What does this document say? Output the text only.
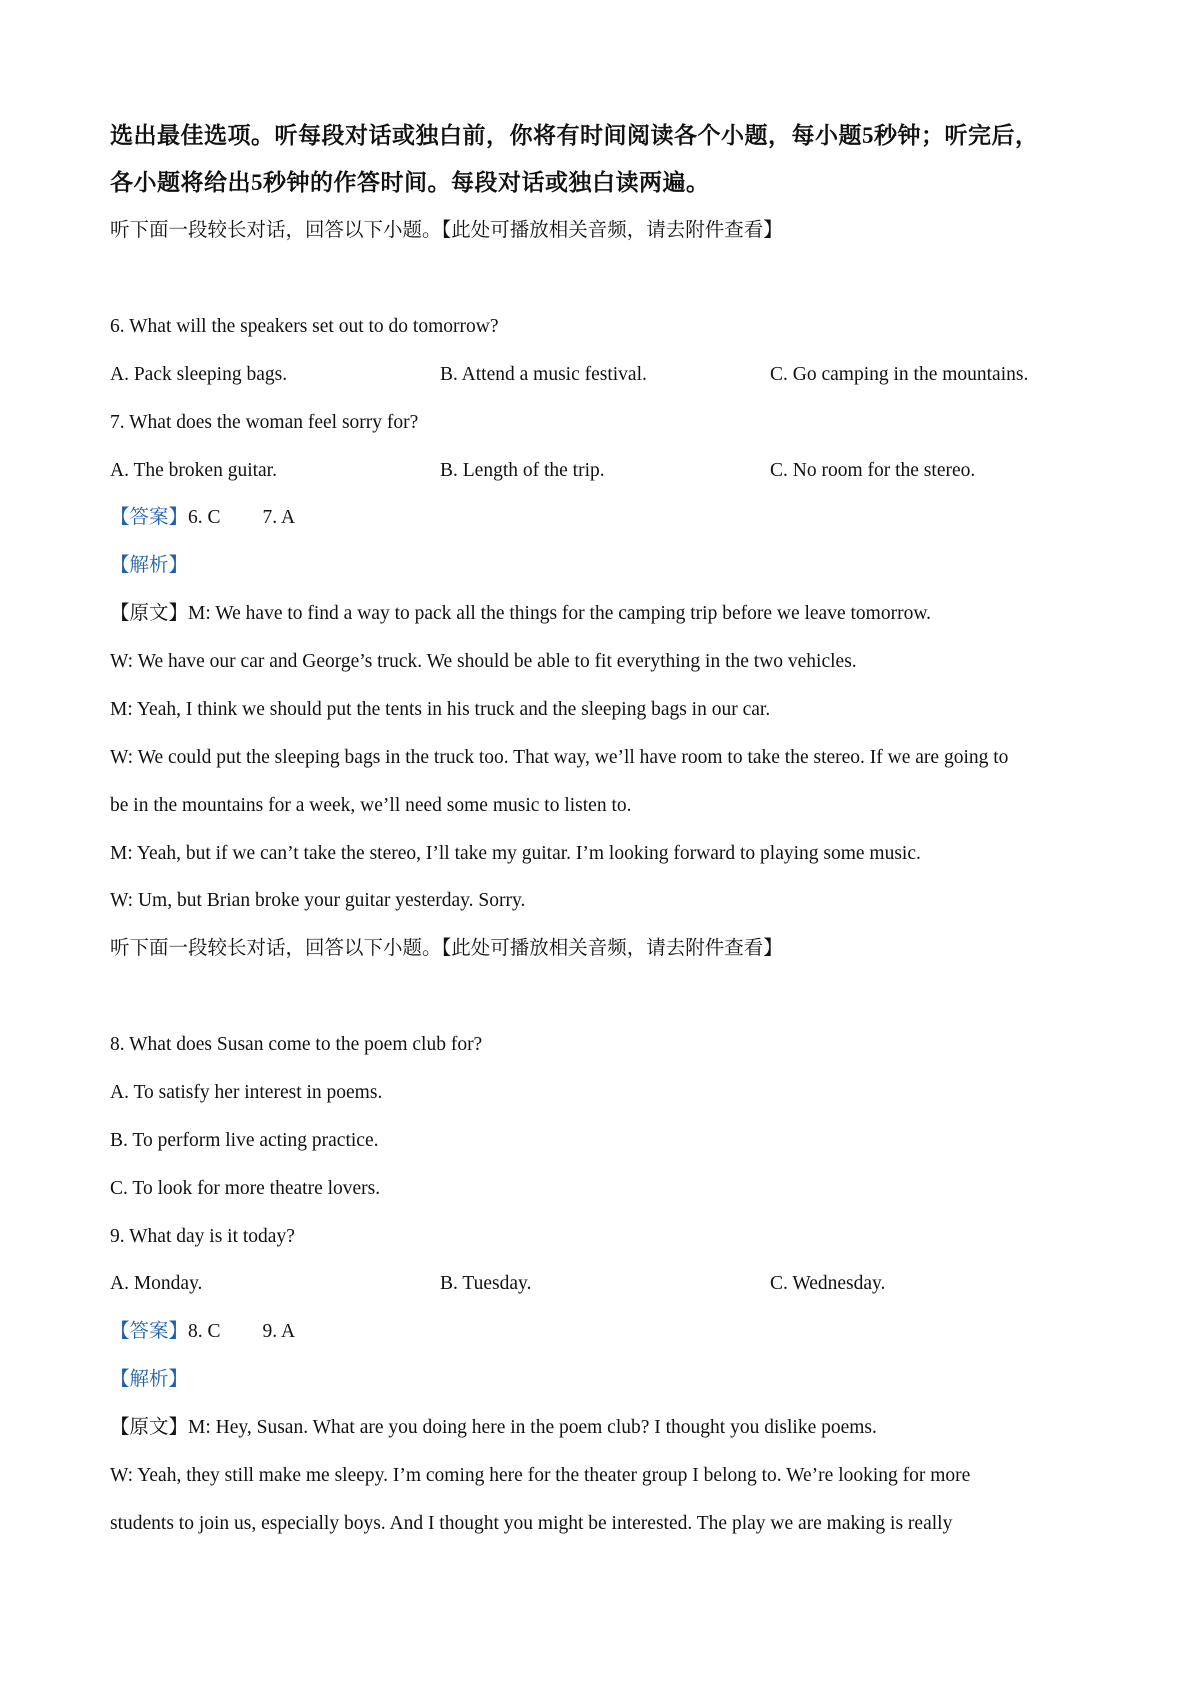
选出最佳选项。听每段对话或独白前，你将有时间阅读各个小题，每小题5秒钟；听完后，
各小题将给出5秒钟的作答时间。每段对话或独白读两遍。
听下面一段较长对话，回答以下小题。【此处可播放相关音频，请去附件查看】
6. What will the speakers set out to do tomorrow?
A. Pack sleeping bags.	B. Attend a music festival.	C. Go camping in the mountains.
7. What does the woman feel sorry for?
A. The broken guitar.	B. Length of the trip.	C. No room for the stereo.
【答案】6. C 7. A
【解析】
【原文】M: We have to find a way to pack all the things for the camping trip before we leave tomorrow.
W: We have our car and George’s truck. We should be able to fit everything in the two vehicles.
M: Yeah, I think we should put the tents in his truck and the sleeping bags in our car.
W: We could put the sleeping bags in the truck too. That way, we’ll have room to take the stereo. If we are going to
be in the mountains for a week, we’ll need some music to listen to.
M: Yeah, but if we can’t take the stereo, I’ll take my guitar. I’m looking forward to playing some music.
W: Um, but Brian broke your guitar yesterday. Sorry.
听下面一段较长对话，回答以下小题。【此处可播放相关音频，请去附件查看】
8. What does Susan come to the poem club for?
A. To satisfy her interest in poems.
B. To perform live acting practice.
C. To look for more theatre lovers.
9. What day is it today?
A. Monday.	B. Tuesday.	C. Wednesday.
【答案】8. C 9. A
【解析】
【原文】M: Hey, Susan. What are you doing here in the poem club? I thought you dislike poems.
W: Yeah, they still make me sleepy. I’m coming here for the theater group I belong to. We’re looking for more
students to join us, especially boys. And I thought you might be interested. The play we are making is really
